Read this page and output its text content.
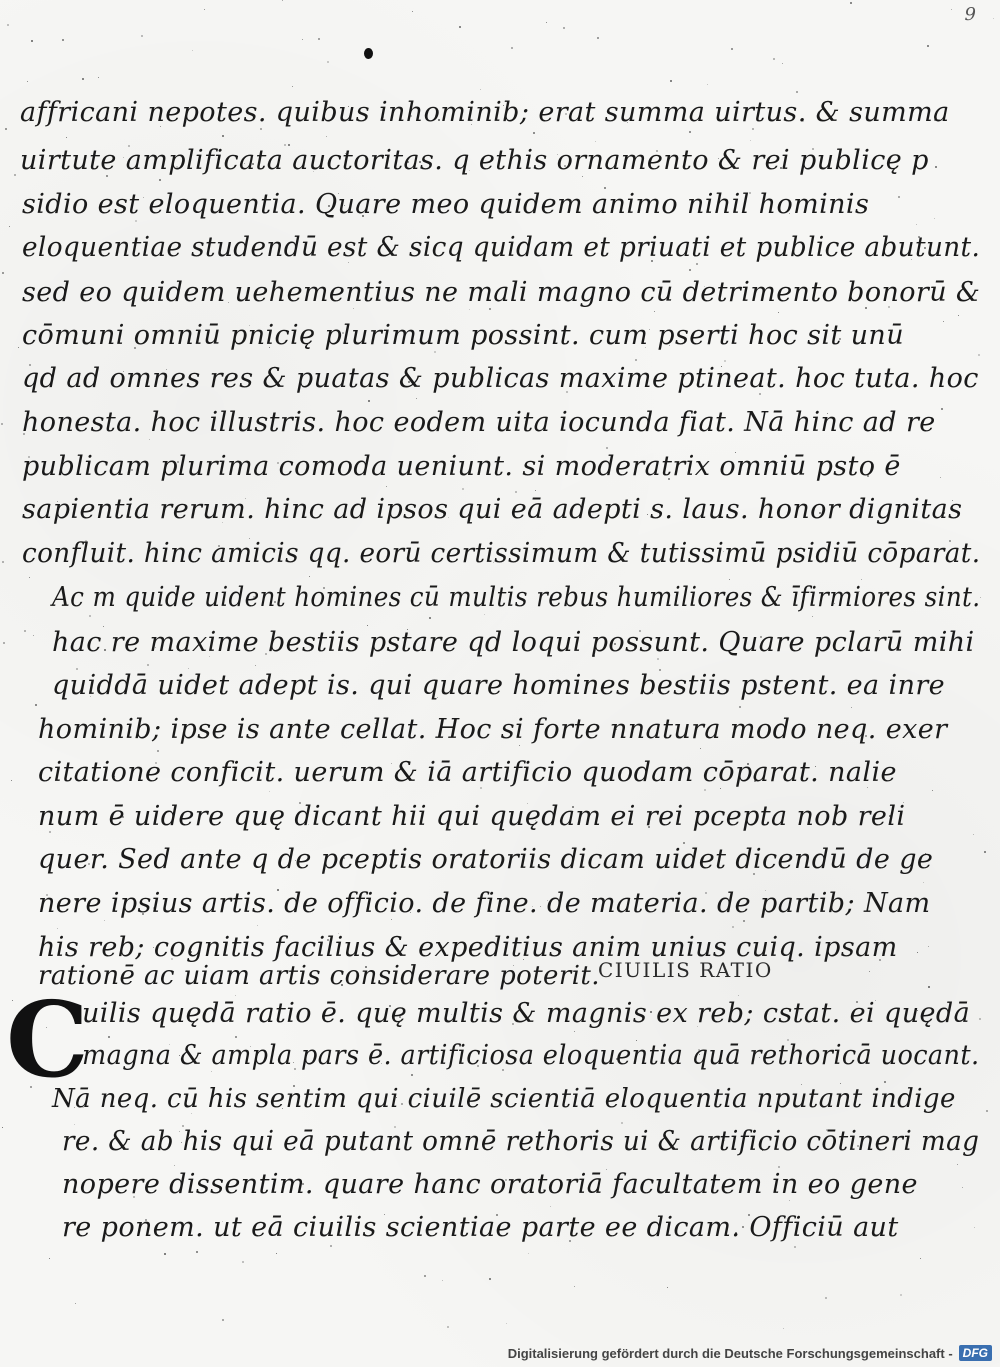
9
C
affricani nepotes. quibus inhominib; erat summa uirtus. & summa
uirtute amplificata auctoritas. q ethis ornamento & rei publicę p
sidio est eloquentia. Quare meo quidem animo nihil hominis
eloquentiae studendū est & sicq quidam et priuati et publice abutunt.
sed eo quidem uehementius ne mali magno cū detrimento bonorū &
cōmuni omniū pnicię plurimum possint. cum pserti hoc sit unū
qd ad omnes res & puatas & publicas maxime ptineat. hoc tuta. hoc
honesta. hoc illustris. hoc eodem uita iocunda fiat. Nā hinc ad re
publicam plurima comoda ueniunt. si moderatrix omniū psto ē
sapientia rerum. hinc ad ipsos qui eā adepti s. laus. honor dignitas
confluit. hinc amicis qq. eorū certissimum & tutissimū psidiū cōparat.
Ac m quide uident homines cū multis rebus humiliores & īfirmiores sint.
hac re maxime bestiis pstare qd loqui possunt. Quare pclarū mihi
quiddā uidet adept is. qui quare homines bestiis pstent. ea inre
hominib; ipse is ante cellat. Hoc si forte nnatura modo neq. exer
citatione conficit. uerum & iā artificio quodam cōparat. nalie
num ē uidere quę dicant hii qui quędam ei rei pcepta nob reli
quer. Sed ante q de pceptis oratoriis dicam uidet dicendū de ge
nere ipsius artis. de officio. de fine. de materia. de partib; Nam
his reb; cognitis facilius & expeditius anim unius cuiq. ipsam
rationē ac uiam artis considerare poterit.
uilis quędā ratio ē. quę multis & magnis ex reb; cstat. ei quędā
magna & ampla pars ē. artificiosa eloquentia quā rethoricā uocant.
Nā neq. cū his sentim qui ciuilē scientiā eloquentia nputant indige
re. & ab his qui eā putant omnē rethoris ui & artificio cōtineri mag
nopere dissentim. quare hanc oratoriā facultatem in eo gene
re ponem. ut eā ciuilis scientiae parte ee dicam. Officiū aut
CIUILIS RATIO
Digitalisierung gefördert durch die Deutsche Forschungsgemeinschaft - DFG
